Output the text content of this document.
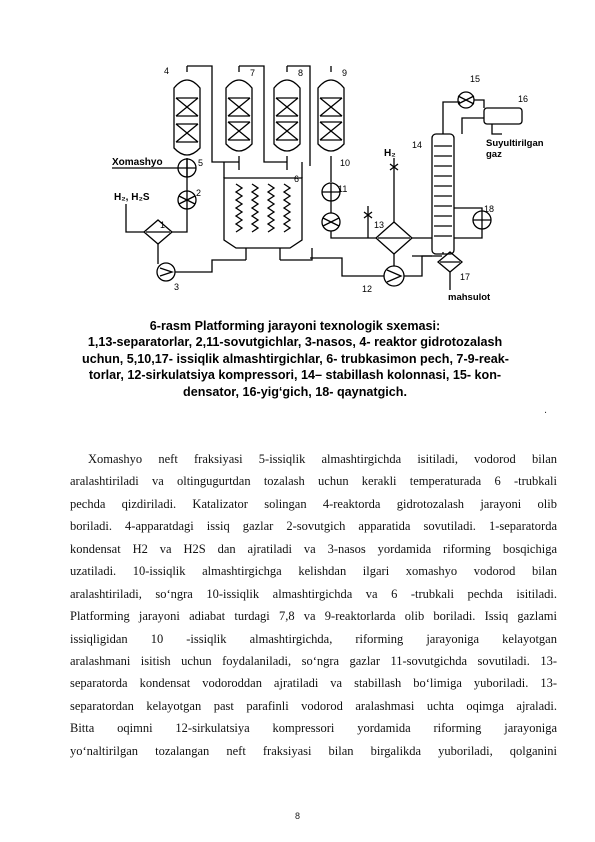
Xomashyo
H₂, H₂S
H₂
Suyultirilgan
gaz
mahsulot
4	7	8	9
5
2
1
3
6
10
11
12
13
14
15
16
17
18
6-rasm Platforming jarayoni texnologik sxemasi:
1,13-separatorlar, 2,11-sovutgichlar, 3-nasos, 4- reaktor gidrotozalash
uchun, 5,10,17- issiqlik almashtirgichlar, 6- trubkasimon pech, 7-9-reak-
torlar, 12-sirkulatsiya kompressori, 14– stabillash kolonnasi, 15- kon-
densator, 16-yig‘gich, 18- qaynatgich.
.
Xomashyo neft fraksiyasi 5-issiqlik almashtirgichda isitiladi, vodorod bilan
aralashtiriladi va oltingugurtdan tozalash uchun kerakli temperaturada 6 -trubkali
pechda qizdiriladi. Katalizator solingan 4-reaktorda gidrotozalash jarayoni olib
boriladi. 4-apparatdagi issiq gazlar 2-sovutgich apparatida sovutiladi. 1-separatorda
kondensat H2 va H2S dan ajratiladi va 3-nasos yordamida riforming bosqichiga
uzatiladi. 10-issiqlik almashtirgichga kelishdan ilgari xomashyo vodorod bilan
aralashtiriladi, so‘ngra 10-issiqlik almashtirgichda va 6 -trubkali pechda isitiladi.
Platforming jarayoni adiabat turdagi 7,8 va 9-reaktorlarda olib boriladi. Issiq gazlami
issiqligidan 10 -issiqlik almashtirgichda, riforming jarayoniga kelayotgan
aralashmani isitish uchun foydalaniladi, so‘ngra gazlar 11-sovutgichda sovutiladi. 13-
separatorda kondensat vodoroddan ajratiladi va stabillash bo‘limiga yuboriladi. 13-
separatordan kelayotgan past parafinli vodorod aralashmasi uchta oqimga ajraladi.
Bitta oqimni 12-sirkulatsiya kompressori yordamida riforming jarayoniga
yo‘naltirilgan tozalangan neft fraksiyasi bilan birgalikda yuboriladi, qolganini
8
